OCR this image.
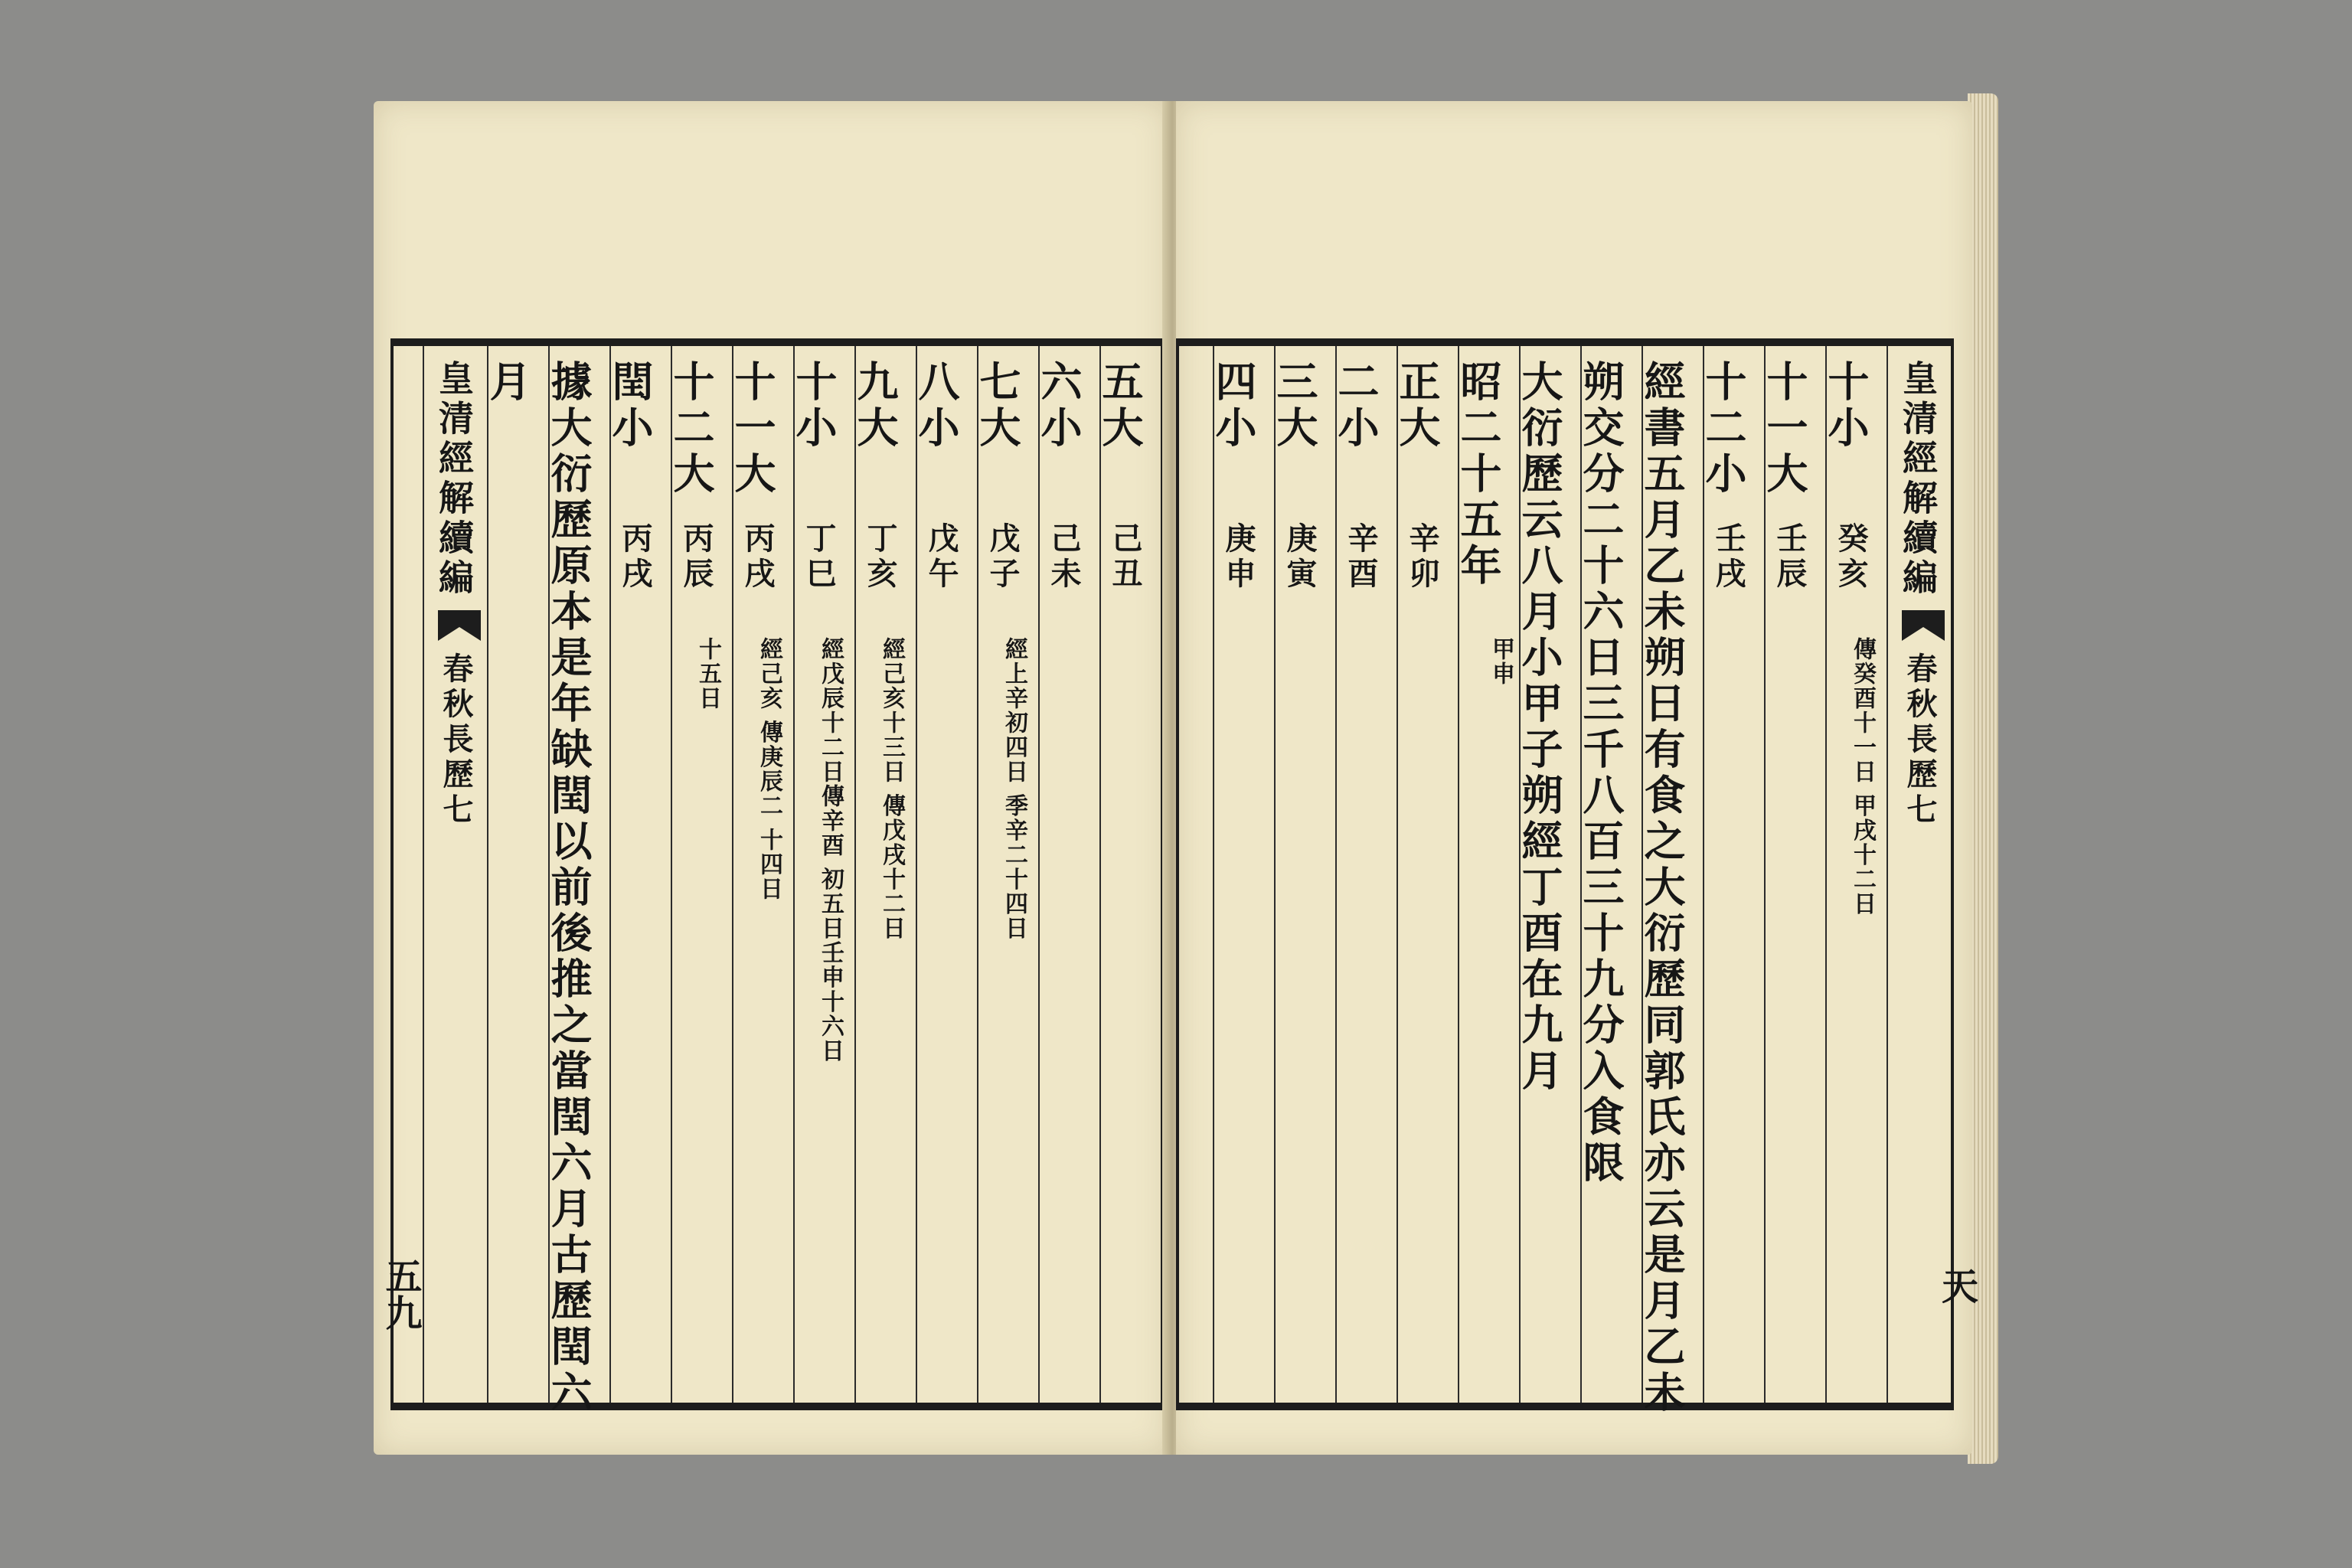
五大
己丑
六小
己未
七大
戊子
經上辛初四日 季辛二十四日
八小
戊午
九大
丁亥
經己亥十三日 傳戊戌十二日
十小
丁巳
經戊辰十二日傳辛酉 初五日壬申十六日
十一大
丙戌
經己亥 傳庚辰二 十四日
十二大
丙辰
十五日
閏小
丙戌
據大衍歷原本是年缺閏以前後推之當閏六月古歷閏六
月
皇清經解續編
春秋長歷七
五九
皇清經解續編
春秋長歷七
十小
癸亥
傳癸酉十一日 甲戌十二日
十一大
壬辰
十二小
壬戌
經書五月乙未朔日有食之大衍歷同郭氏亦云是月乙未
朔交分二十六日三千八百三十九分入食限
大衍歷云八月小甲子朔經丁酉在九月
昭二十五年
甲申
正大
辛卯
二小
辛酉
三大
庚寅
四小
庚申
天
